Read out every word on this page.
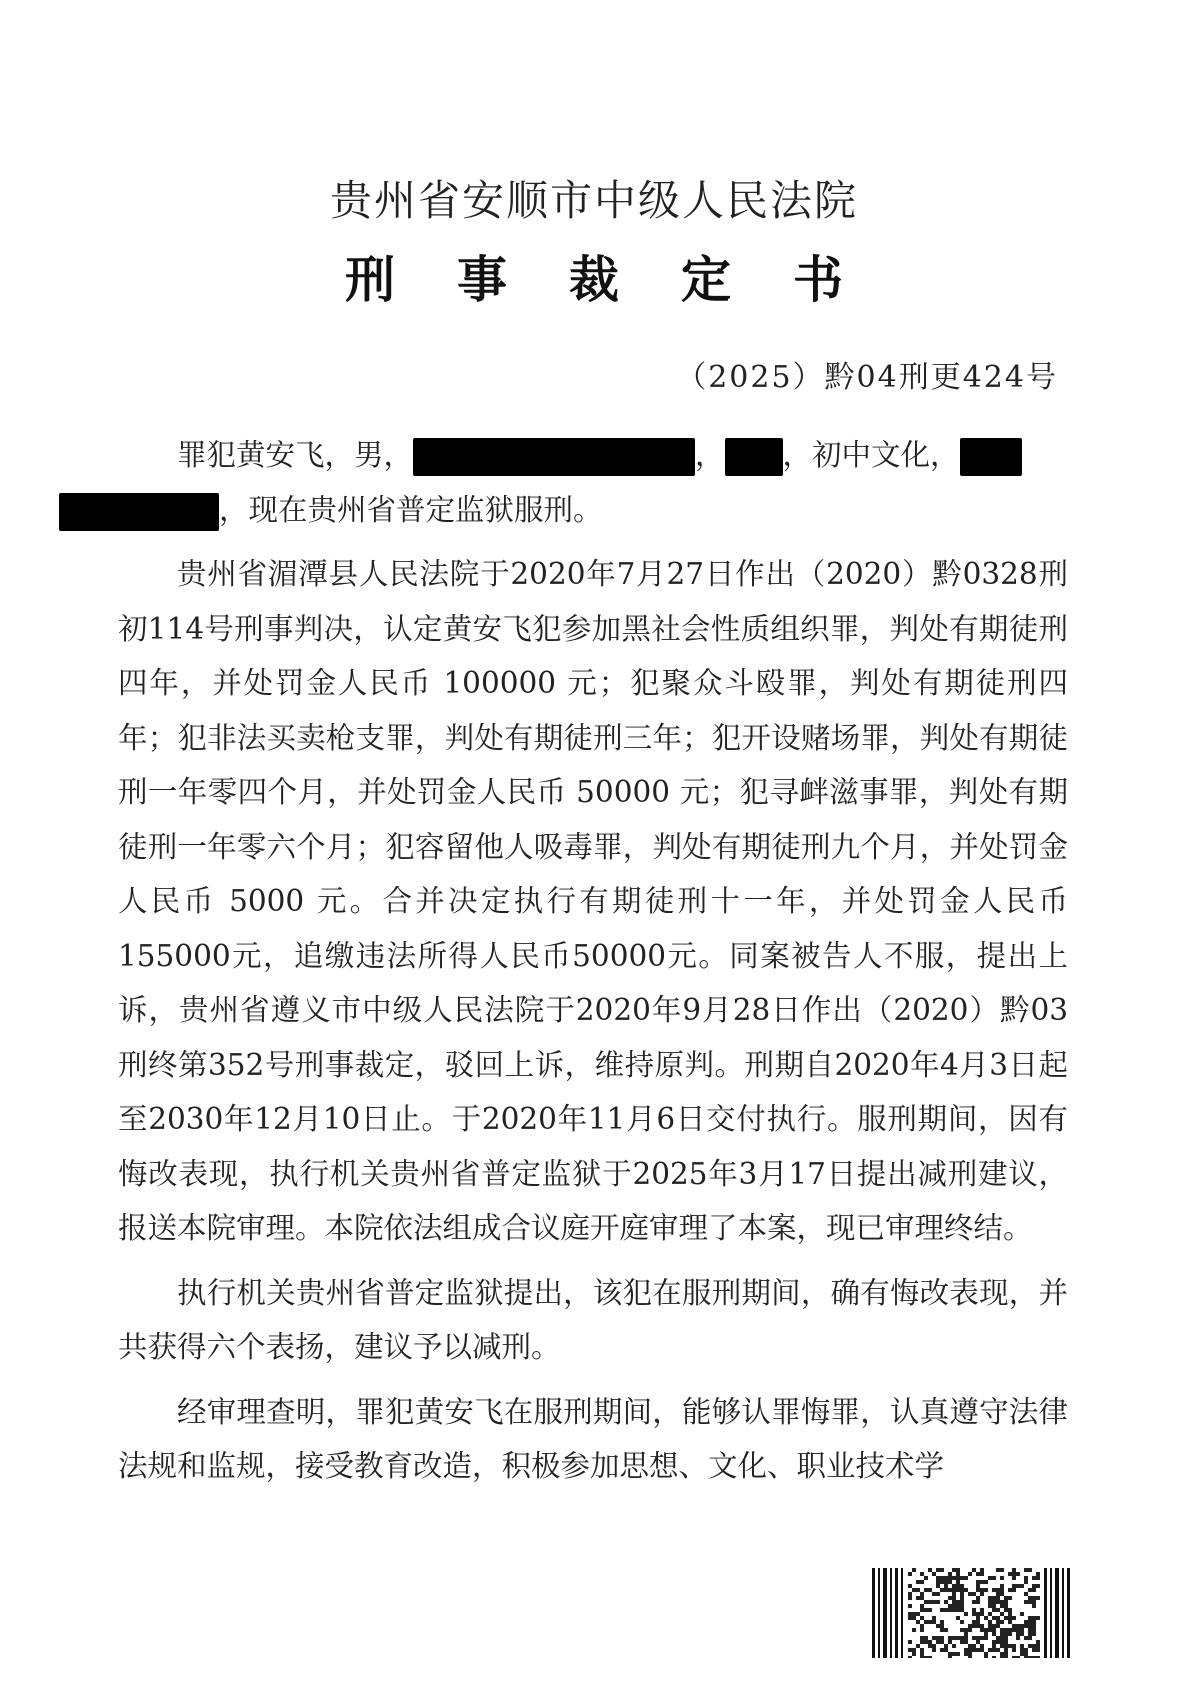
贵州省安顺市中级人民法院
刑事裁定书
（2025）黔04刑更424号

罪犯黄安飞，男，	， ，初中文化，
，现在贵州省普定监狱服刑。

贵州省湄潭县人民法院于2020年7月27日作出（2020）黔0328刑初114号刑事判决，认定黄安飞犯参加黑社会性质组织罪，判处有期徒刑四年，并处罚金人民币 100000 元；犯聚众斗殴罪，判处有期徒刑四年；犯非法买卖枪支罪，判处有期徒刑三年；犯开设赌场罪，判处有期徒刑一年零四个月，并处罚金人民币 50000 元；犯寻衅滋事罪，判处有期徒刑一年零六个月；犯容留他人吸毒罪，判处有期徒刑九个月，并处罚金人民币 5000 元。合并决定执行有期徒刑十一年，并处罚金人民币155000元，追缴违法所得人民币50000元。同案被告人不服，提出上诉，贵州省遵义市中级人民法院于2020年9月28日作出（2020）黔03刑终第352号刑事裁定，驳回上诉，维持原判。刑期自2020年4月3日起至2030年12月10日止。于2020年11月6日交付执行。服刑期间，因有悔改表现，执行机关贵州省普定监狱于2025年3月17日提出减刑建议，报送本院审理。本院依法组成合议庭开庭审理了本案，现已审理终结。

执行机关贵州省普定监狱提出，该犯在服刑期间，确有悔改表现，并共获得六个表扬，建议予以减刑。

经审理查明，罪犯黄安飞在服刑期间，能够认罪悔罪，认真遵守法律法规和监规，接受教育改造，积极参加思想、文化、职业技术学
